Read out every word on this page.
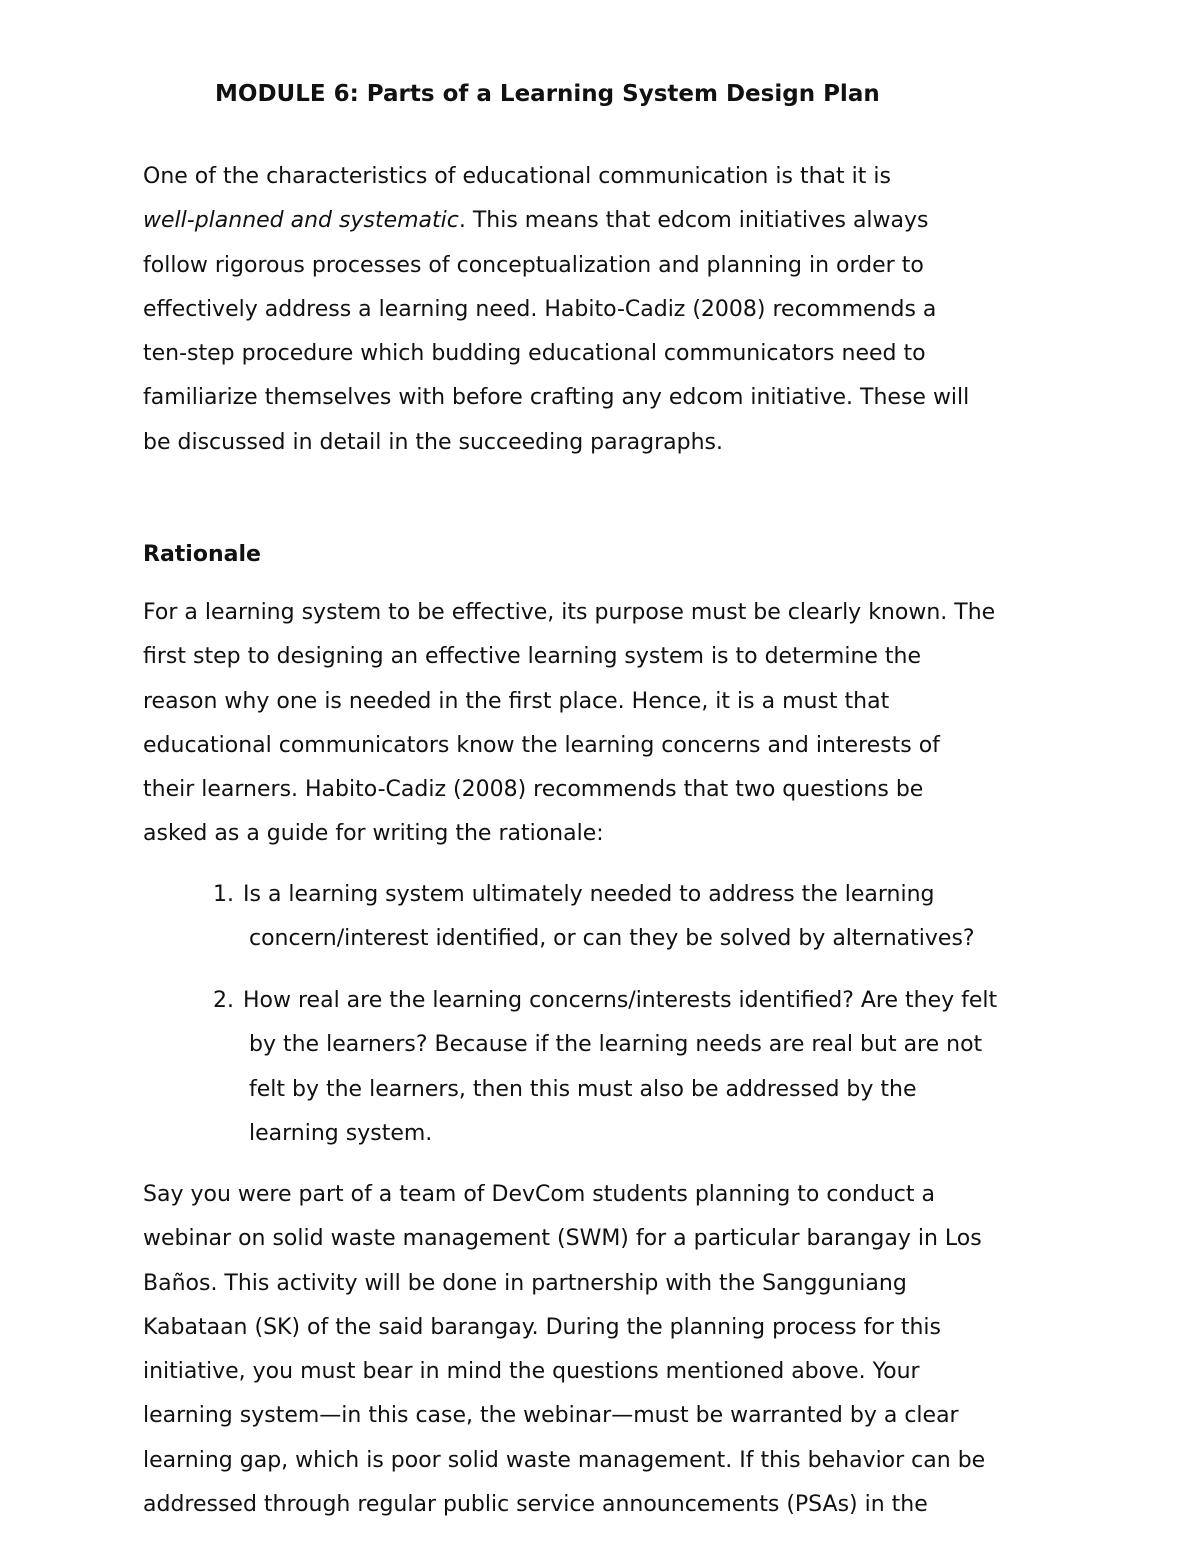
MODULE 6: Parts of a Learning System Design Plan
One of the characteristics of educational communication is that it is
well-planned and systematic. This means that edcom initiatives always
follow rigorous processes of conceptualization and planning in order to
effectively address a learning need. Habito-Cadiz (2008) recommends a
ten-step procedure which budding educational communicators need to
familiarize themselves with before crafting any edcom initiative. These will
be discussed in detail in the succeeding paragraphs.
Rationale
For a learning system to be effective, its purpose must be clearly known. The
first step to designing an effective learning system is to determine the
reason why one is needed in the first place. Hence, it is a must that
educational communicators know the learning concerns and interests of
their learners. Habito-Cadiz (2008) recommends that two questions be
asked as a guide for writing the rationale:
1. Is a learning system ultimately needed to address the learning
concern/interest identified, or can they be solved by alternatives?
2. How real are the learning concerns/interests identified? Are they felt
by the learners? Because if the learning needs are real but are not
felt by the learners, then this must also be addressed by the
learning system.
Say you were part of a team of DevCom students planning to conduct a
webinar on solid waste management (SWM) for a particular barangay in Los
Baños. This activity will be done in partnership with the Sangguniang
Kabataan (SK) of the said barangay. During the planning process for this
initiative, you must bear in mind the questions mentioned above. Your
learning system—in this case, the webinar—must be warranted by a clear
learning gap, which is poor solid waste management. If this behavior can be
addressed through regular public service announcements (PSAs) in the
